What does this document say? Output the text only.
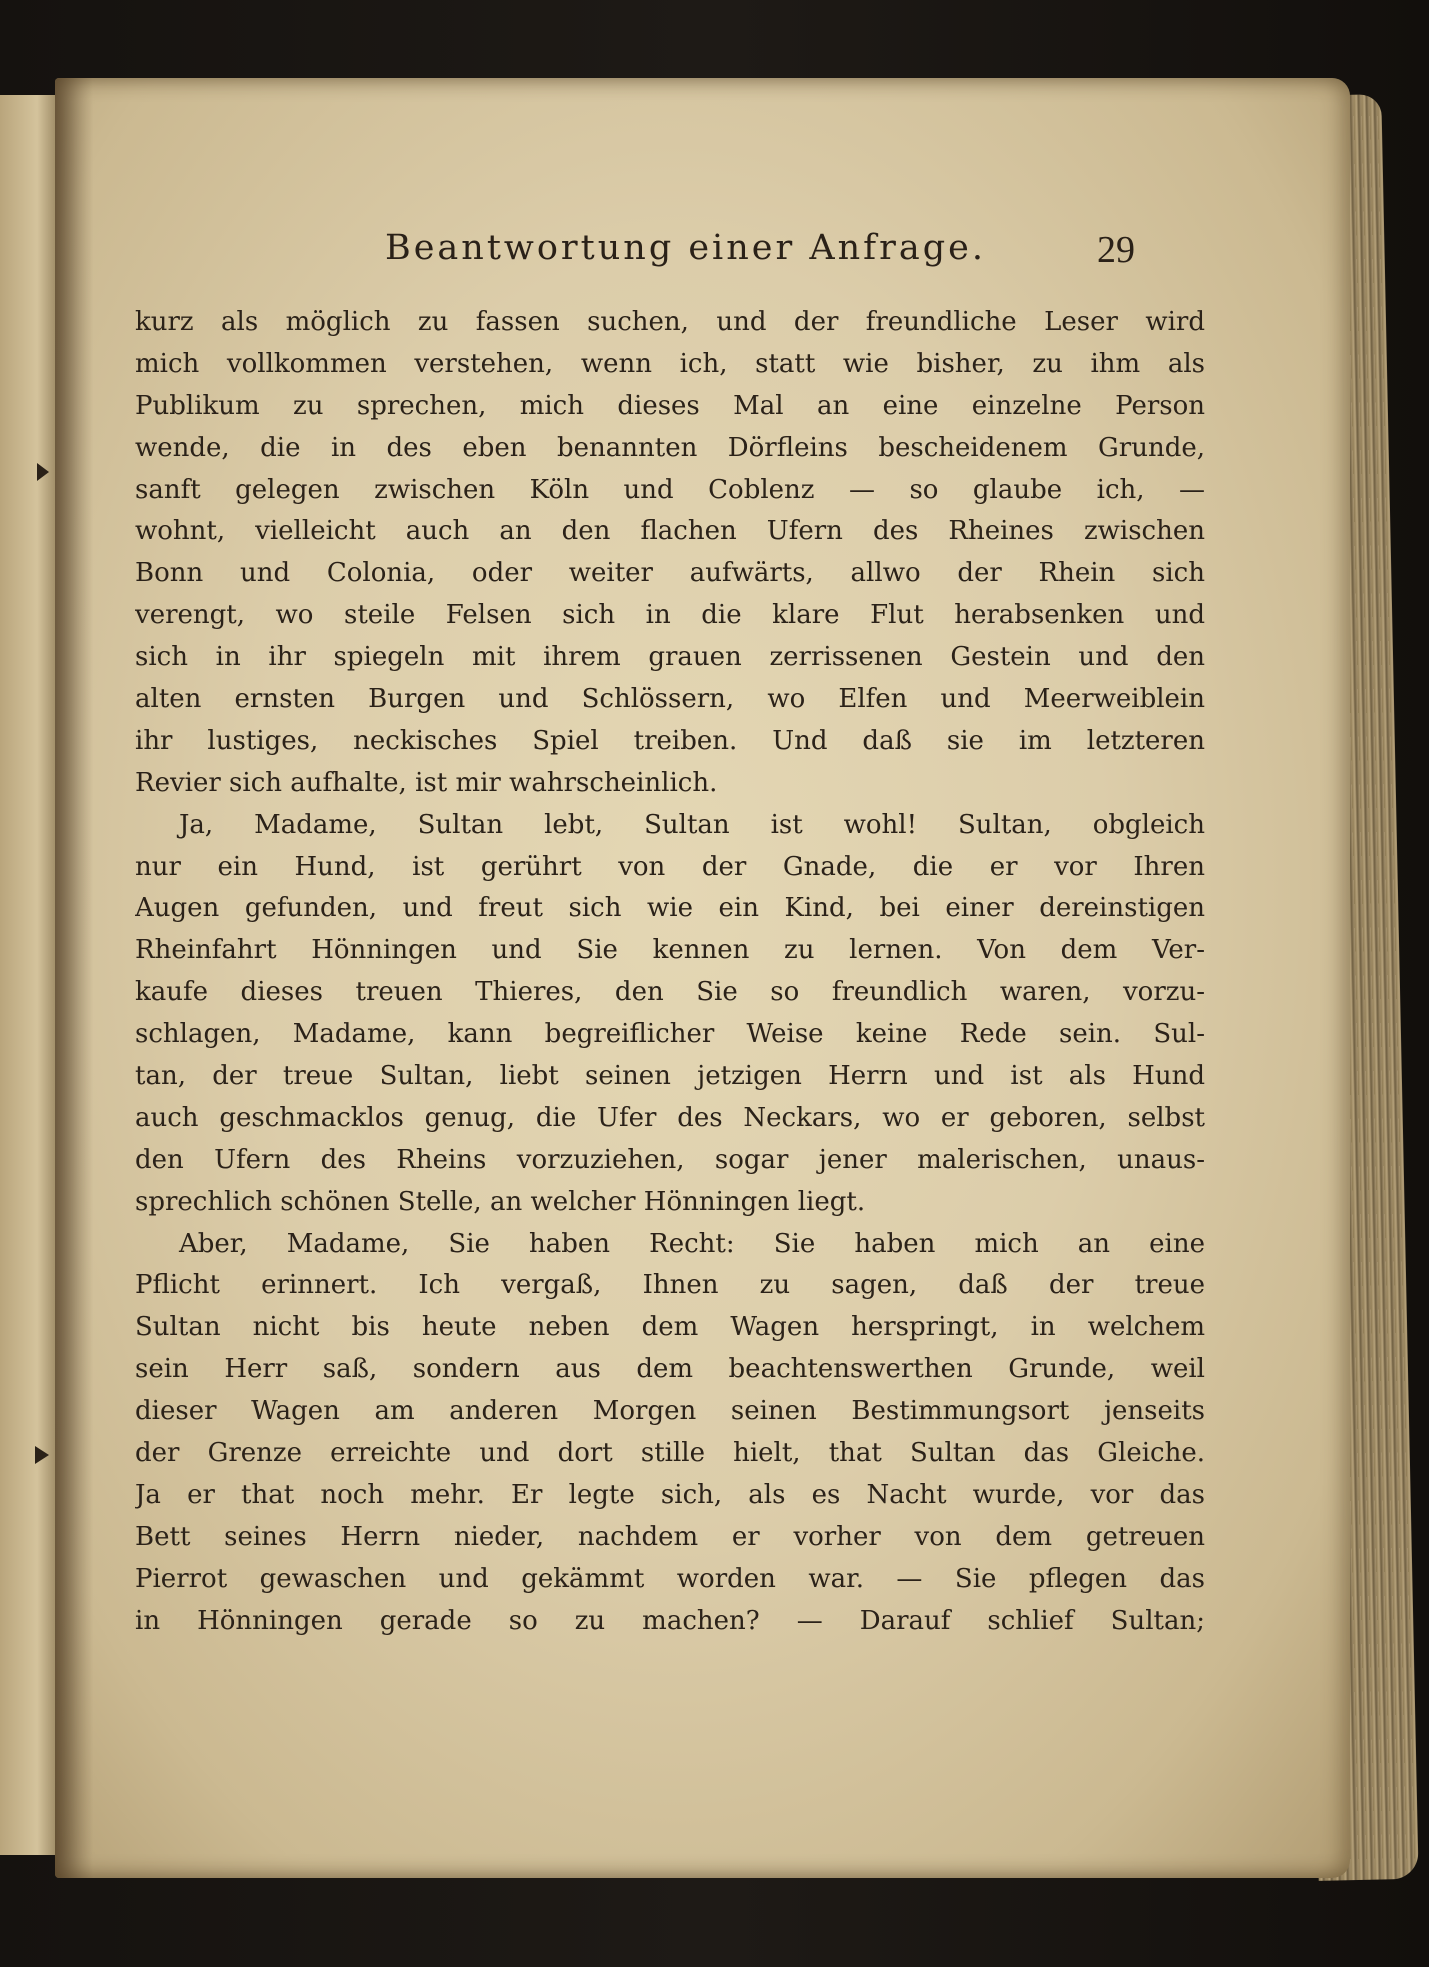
Beantwortung einer Anfrage.	29
kurz als möglich zu fassen suchen, und der freundliche Leser wird
mich vollkommen verstehen, wenn ich, statt wie bisher, zu ihm als
Publikum zu sprechen, mich dieses Mal an eine einzelne Person
wende, die in des eben benannten Dörfleins bescheidenem Grunde,
sanft gelegen zwischen Köln und Coblenz — so glaube ich, —
wohnt, vielleicht auch an den flachen Ufern des Rheines zwischen
Bonn und Colonia, oder weiter aufwärts, allwo der Rhein sich
verengt, wo steile Felsen sich in die klare Flut herabsenken und
sich in ihr spiegeln mit ihrem grauen zerrissenen Gestein und den
alten ernsten Burgen und Schlössern, wo Elfen und Meerweiblein
ihr lustiges, neckisches Spiel treiben. Und daß sie im letzteren
Revier sich aufhalte, ist mir wahrscheinlich.
Ja, Madame, Sultan lebt, Sultan ist wohl! Sultan, obgleich
nur ein Hund, ist gerührt von der Gnade, die er vor Ihren
Augen gefunden, und freut sich wie ein Kind, bei einer dereinstigen
Rheinfahrt Hönningen und Sie kennen zu lernen. Von dem Ver-
kaufe dieses treuen Thieres, den Sie so freundlich waren, vorzu-
schlagen, Madame, kann begreiflicher Weise keine Rede sein. Sul-
tan, der treue Sultan, liebt seinen jetzigen Herrn und ist als Hund
auch geschmacklos genug, die Ufer des Neckars, wo er geboren, selbst
den Ufern des Rheins vorzuziehen, sogar jener malerischen, unaus-
sprechlich schönen Stelle, an welcher Hönningen liegt.
Aber, Madame, Sie haben Recht: Sie haben mich an eine
Pflicht erinnert. Ich vergaß, Ihnen zu sagen, daß der treue
Sultan nicht bis heute neben dem Wagen herspringt, in welchem
sein Herr saß, sondern aus dem beachtenswerthen Grunde, weil
dieser Wagen am anderen Morgen seinen Bestimmungsort jenseits
der Grenze erreichte und dort stille hielt, that Sultan das Gleiche.
Ja er that noch mehr. Er legte sich, als es Nacht wurde, vor das
Bett seines Herrn nieder, nachdem er vorher von dem getreuen
Pierrot gewaschen und gekämmt worden war. — Sie pflegen das
in Hönningen gerade so zu machen? — Darauf schlief Sultan;
